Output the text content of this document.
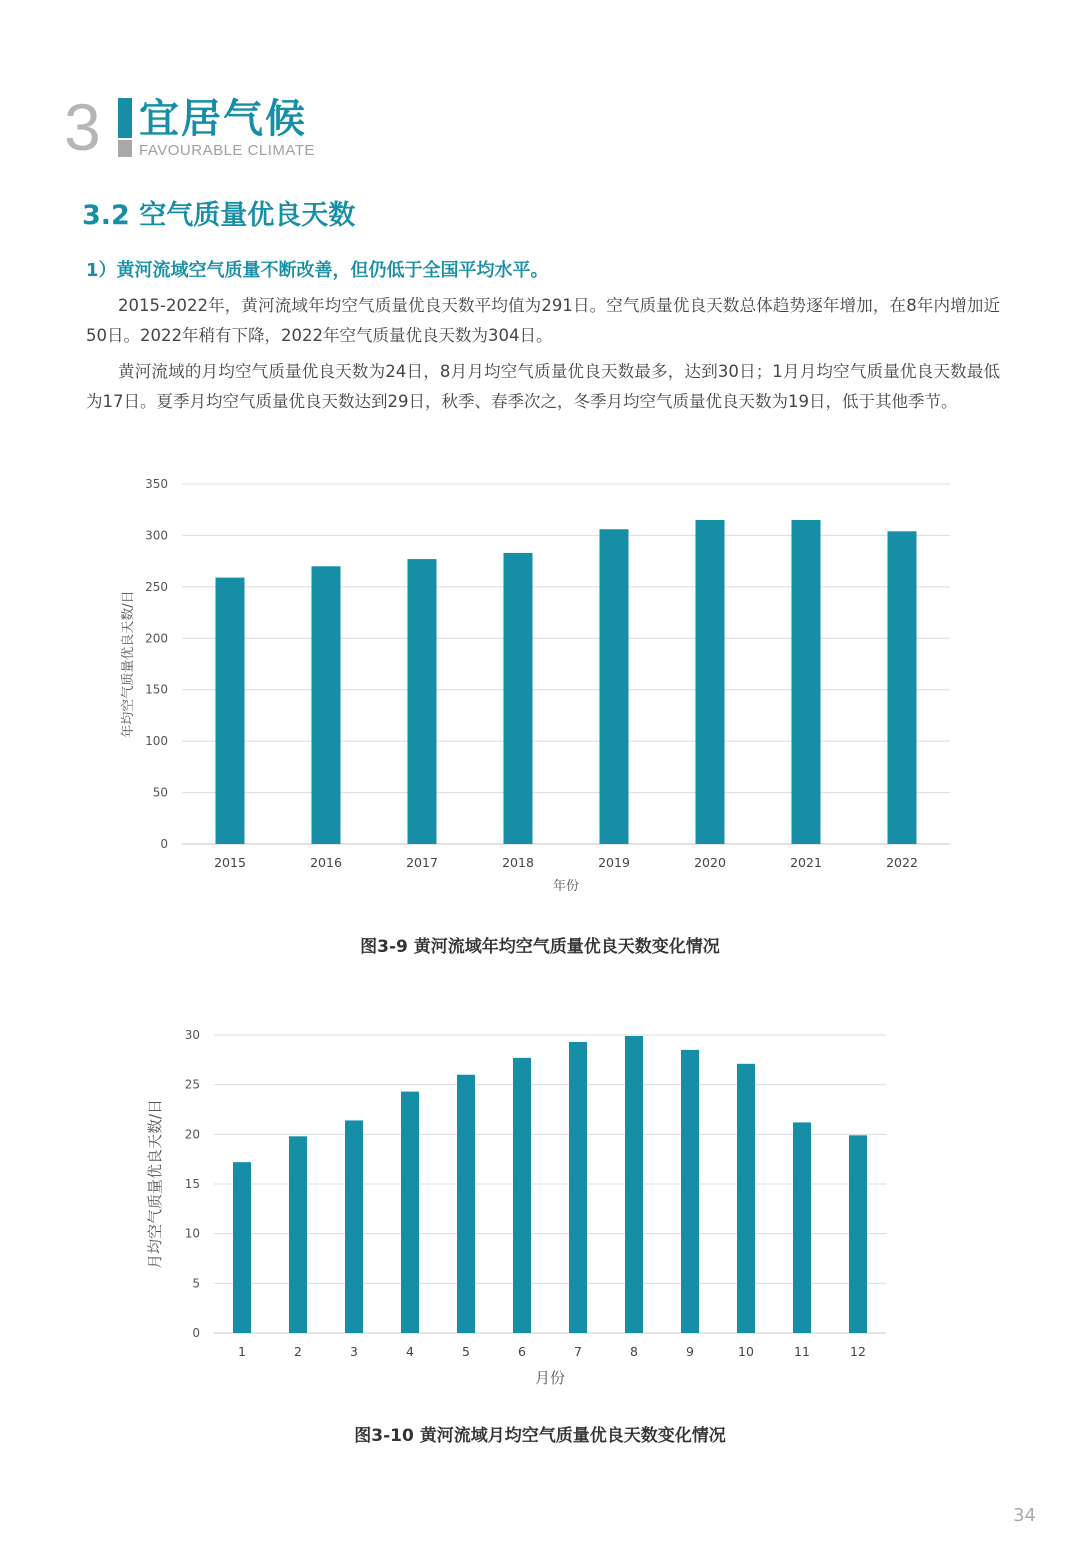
3 宜居气候
FAVOURABLE CLIMATE
3.2 空气质量优良天数
1）黄河流域空气质量不断改善，但仍低于全国平均水平。
2015-2022年，黄河流域年均空气质量优良天数平均值为291日。空气质量优良天数总体趋势逐年增加，在8年内增加近50日。2022年稍有下降，2022年空气质量优良天数为304日。
黄河流域的月均空气质量优良天数为24日，8月月均空气质量优良天数最多，达到30日；1月月均空气质量优良天数最低为17日。夏季月均空气质量优良天数达到29日，秋季、春季次之，冬季月均空气质量优良天数为19日，低于其他季节。
0
50
100
150
200
250
300
350
2015	2016	2017	2018	2019	2020	2021	2022
年份
年均空气质量优良天数/日
图3-9 黄河流域年均空气质量优良天数变化情况
0
5
10
15
20
25
30
1	2	3	4	5	6	7	8	9	10	11	12
月份
月均空气质量优良天数/日
图3-10 黄河流域月均空气质量优良天数变化情况
34
